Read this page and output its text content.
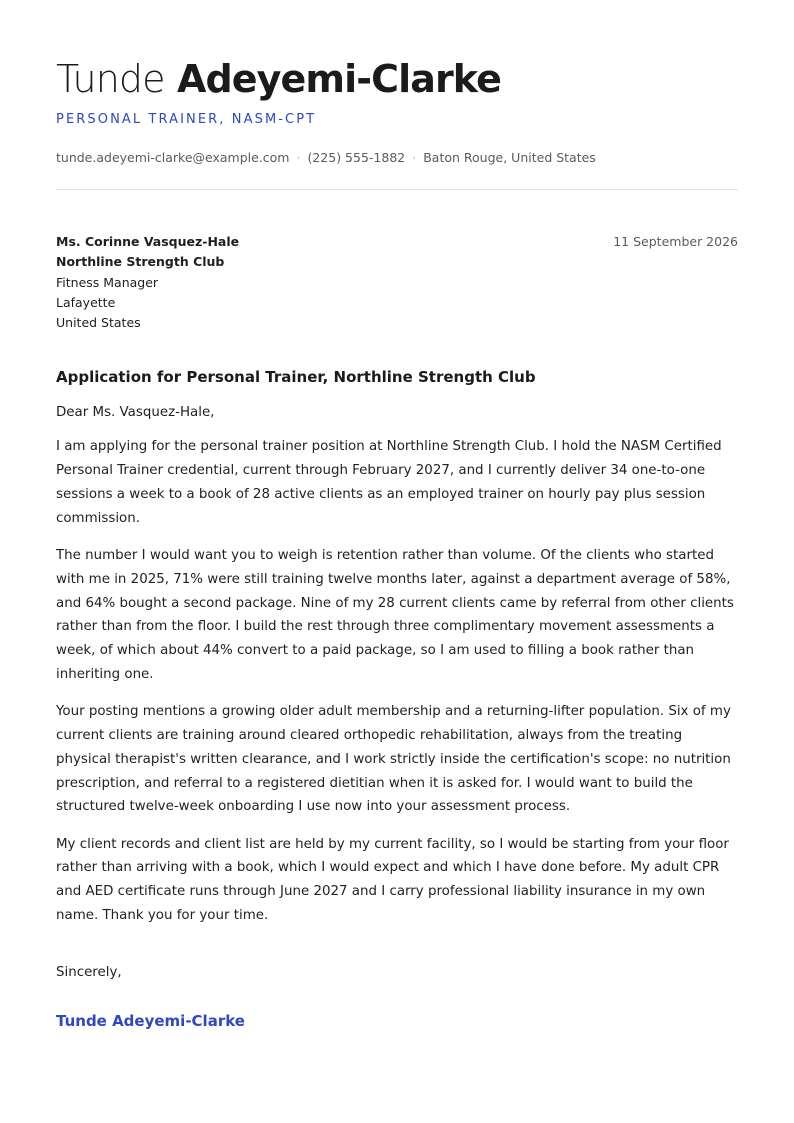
Tunde Adeyemi-Clarke
PERSONAL TRAINER, NASM-CPT
tunde.adeyemi-clarke@example.com · (225) 555-1882 · Baton Rouge, United States
Ms. Corinne Vasquez-Hale
Northline Strength Club
Fitness Manager
Lafayette
United States
11 September 2026
Application for Personal Trainer, Northline Strength Club
Dear Ms. Vasquez-Hale,

I am applying for the personal trainer position at Northline Strength Club. I hold the NASM Certified Personal Trainer credential, current through February 2027, and I currently deliver 34 one-to-one sessions a week to a book of 28 active clients as an employed trainer on hourly pay plus session commission.

The number I would want you to weigh is retention rather than volume. Of the clients who started with me in 2025, 71% were still training twelve months later, against a department average of 58%, and 64% bought a second package. Nine of my 28 current clients came by referral from other clients rather than from the floor. I build the rest through three complimentary movement assessments a week, of which about 44% convert to a paid package, so I am used to filling a book rather than inheriting one.

Your posting mentions a growing older adult membership and a returning-lifter population. Six of my current clients are training around cleared orthopedic rehabilitation, always from the treating physical therapist's written clearance, and I work strictly inside the certification's scope: no nutrition prescription, and referral to a registered dietitian when it is asked for. I would want to build the structured twelve-week onboarding I use now into your assessment process.

My client records and client list are held by my current facility, so I would be starting from your floor rather than arriving with a book, which I would expect and which I have done before. My adult CPR and AED certificate runs through June 2027 and I carry professional liability insurance in my own name. Thank you for your time.

Sincerely,
Tunde Adeyemi-Clarke
